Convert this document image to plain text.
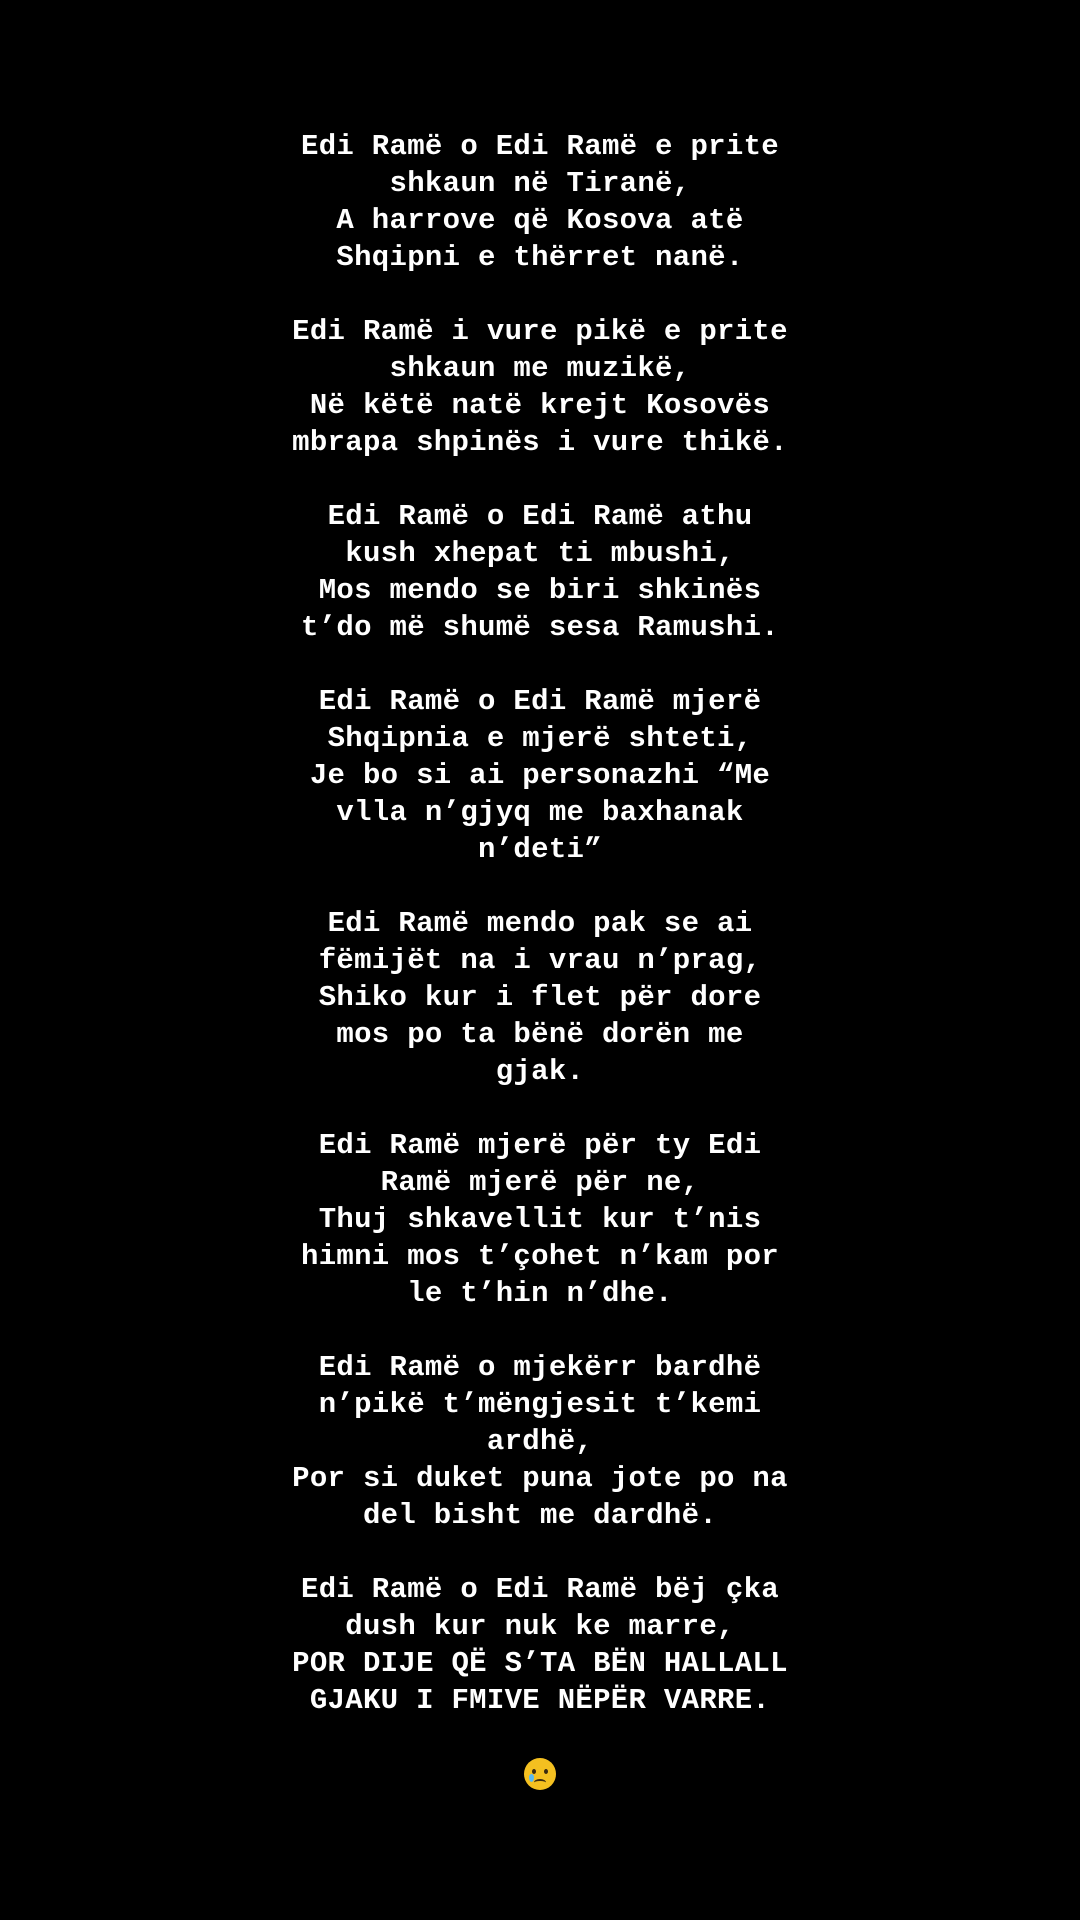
Edi Ramë o Edi Ramë e prite
shkaun në Tiranë,
A harrove që Kosova atë
Shqipni e thërret nanë.
Edi Ramë i vure pikë e prite
shkaun me muzikë,
Në këtë natë krejt Kosovës
mbrapa shpinës i vure thikë.
Edi Ramë o Edi Ramë athu
kush xhepat ti mbushi,
Mos mendo se biri shkinës
t’do më shumë sesa Ramushi.
Edi Ramë o Edi Ramë mjerë
Shqipnia e mjerë shteti,
Je bo si ai personazhi “Me
vlla n’gjyq me baxhanak
n’deti”
Edi Ramë mendo pak se ai
fëmijët na i vrau n’prag,
Shiko kur i flet për dore
mos po ta bënë dorën me
gjak.
Edi Ramë mjerë për ty Edi
Ramë mjerë për ne,
Thuj shkavellit kur t’nis
himni mos t’çohet n’kam por
le t’hin n’dhe.
Edi Ramë o mjekërr bardhë
n’pikë t’mëngjesit t’kemi
ardhë,
Por si duket puna jote po na
del bisht me dardhë.
Edi Ramë o Edi Ramë bëj çka
dush kur nuk ke marre,
POR DIJE QË S’TA BËN HALLALL
GJAKU I FMIVE NËPËR VARRE.
